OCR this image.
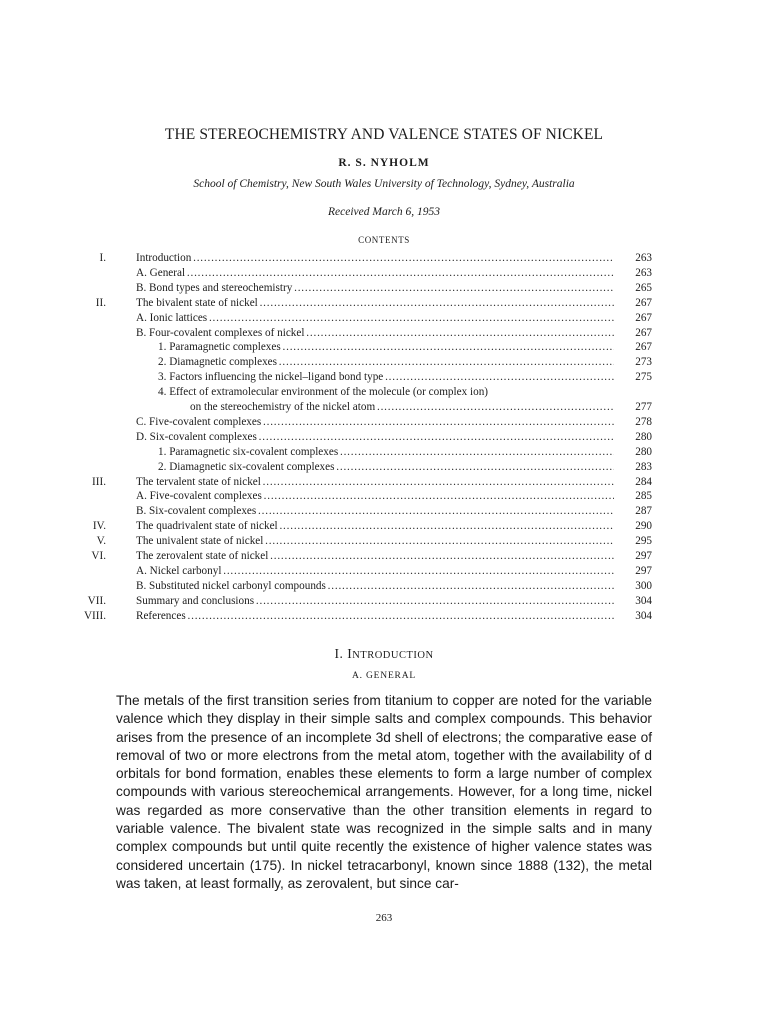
THE STEREOCHEMISTRY AND VALENCE STATES OF NICKEL
R. S. NYHOLM
School of Chemistry, New South Wales University of Technology, Sydney, Australia
Received March 6, 1953
CONTENTS
I.	Introduction . . .	263
A. General . . .	263
B. Bond types and stereochemistry . . .	265
II.	The bivalent state of nickel . . .	267
A. Ionic lattices . . .	267
B. Four-covalent complexes of nickel . . .	267
1. Paramagnetic complexes . . .	267
2. Diamagnetic complexes . . .	273
3. Factors influencing the nickel–ligand bond type . . .	275
4. Effect of extramolecular environment of the molecule (or complex ion)
on the stereochemistry of the nickel atom . . .	277
C. Five-covalent complexes . . .	278
D. Six-covalent complexes . . .	280
1. Paramagnetic six-covalent complexes . . .	280
2. Diamagnetic six-covalent complexes . . .	283
III.	The tervalent state of nickel . . .	284
A. Five-covalent complexes . . .	285
B. Six-covalent complexes . . .	287
IV.	The quadrivalent state of nickel . . .	290
V.	The univalent state of nickel . . .	295
VI.	The zerovalent state of nickel . . .	297
A. Nickel carbonyl . . .	297
B. Substituted nickel carbonyl compounds . . .	300
VII.	Summary and conclusions . . .	304
VIII.	References . . .	304
I. INTRODUCTION
A. GENERAL

The metals of the first transition series from titanium to copper are noted for the variable valence which they display in their simple salts and complex compounds. This behavior arises from the presence of an incomplete 3d shell of electrons; the comparative ease of removal of two or more electrons from the metal atom, together with the availability of d orbitals for bond formation, enables these elements to form a large number of complex compounds with various stereochemical arrangements. However, for a long time, nickel was regarded as more conservative than the other transition elements in regard to variable valence. The bivalent state was recognized in the simple salts and in many complex compounds but until quite recently the existence of higher valence states was considered uncertain (175). In nickel tetracarbonyl, known since 1888 (132), the metal was taken, at least formally, as zerovalent, but since car-

263
